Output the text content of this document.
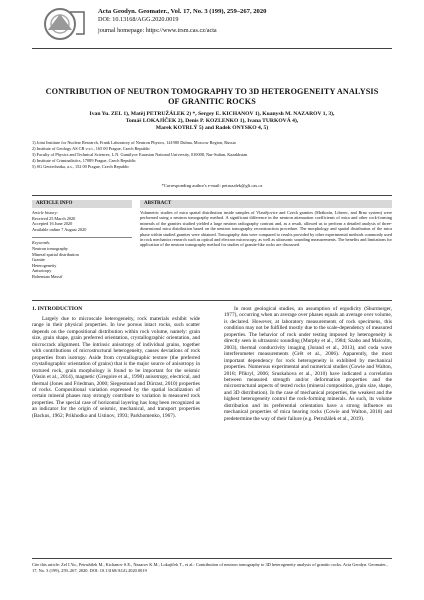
Acta Geodyn. Geomater., Vol. 17, No. 3 (199), 259–267, 2020
DOI: 10.13168/AGG.2020.0019
journal homepage: https://www.irsm.cas.cz/acta
CONTRIBUTION OF NEUTRON TOMOGRAPHY TO 3D HETEROGENEITY ANALYSIS
OF GRANITIC ROCKS
Ivan Yu. ZEL 1), Matěj PETRUŽÁLEK 2) *, Sergey E. KICHANOV 1), Kuanysh M. NAZAROV 1, 3),
Tomáš LOKAJÍČEK 2), Denis P. KOZLENKO 1), Ivana TURKOVÁ 4),
Marek KOTRLÝ 5) and Radek ONYSKO 4, 5)
1) Joint Institute for Nuclear Research, Frank Laboratory of Neutron Physics, 141980 Dubna, Moscow Region, Russia
2) Institute of Geology AS CR v.v.i., 165 00 Prague, Czech Republic
3) Faculty of Physics and Technical Sciences, L.N. Gumilyov Eurasian National University, 010008, Nur-Sultan, Kazakhstan
4) Institute of Criminalistics, 17089 Prague, Czech Republic
5) SG Geotechnika, a.s., 152 00 Prague, Czech Republic
*Corresponding author's e-mail: petruzalek@gli.cas.cz
ARTICLE INFO	ABSTRACT
Article history:
Received 25 March 2020
Accepted 16 June 2020
Available online 7 August 2020
Keywords:
Neutron tomography
Mineral spatial distribution
Granite
Heterogeneity
Anisotropy
Bohemian Massif
Volumetric studies of mica spatial distribution inside samples of Vlastějovice and Czech granites (Mrákotín, Liberec, and Brno system) were performed using a neutron tomography method. A significant difference in the neutron attenuation coefficients of mica and other rock-forming minerals of the granites studied yielded a large neutron radiography contrast and, as a result, allowed us to perform a detailed analysis of three-dimensional mica distribution based on the neutron tomography reconstruction procedure. The morphology and spatial distribution of the mica phase within studied granites were obtained. Tomography data were compared to results provided by other experimental methods commonly used in rock mechanics research such as optical and electron microscopy, as well as ultrasonic sounding measurements. The benefits and limitations for application of the neutron tomography method for studies of granite-like rocks are discussed.
1. INTRODUCTION

Largely due to microscale heterogeneity, rock materials exhibit wide range in their physical properties. In low porous intact rocks, such scatter depends on the compositional distribution within rock volume, namely: grain size, grain shape, grain preferred orientation, crystallographic orientation, and microcrack alignment. The intrinsic anisotropy of individual grains, together with contributions of microstructural heterogeneity, causes deviations of rock properties from isotropy. Aside from crystallographic texture (the preferred crystallographic orientation of grains) that is the major source of anisotropy in textured rock, grain morphology is found to be important for the seismic (Vasin et al., 2014), magnetic (Gregoire et al., 1998) anisotropy, electrical, and thermal (Jones and Friedman, 2000; Siegesmund and Dürrast, 2010) properties of rocks. Compositional variation expressed by the spatial localization of certain mineral phases may strongly contribute to variation in measured rock properties. The special case of horizontal layering has long been recognized as an indicator for the origin of seismic, mechanical, and transport properties (Backus, 1962; Prikhodko and Ustinov, 1993; Parkhomenko, 1967).

In most geological studies, an assumption of ergodicity (Shurmerger, 1977), occurring when an average over phases equals an average over volume, is declared. However, at laboratory measurements of rock specimens, this condition may not be fulfilled mostly due to the scale-dependency of measured properties. The behavior of rock under testing imposed by heterogeneity is directly seen in ultrasonic sounding (Murphy et al., 1984; Szabo and Malcolm, 2003), thermal conductivity imaging (Jorand et al., 2013), and coda wave interferometer measurements (Grêt et al., 2006). Apparently, the most important dependency for rock heterogeneity is exhibited by mechanical properties. Numerous experimental and numerical studies (Cowie and Walton, 2018; Přikryl, 2006; Sruskahova et al., 2010) have indicated a correlation between measured strength and/or deformation properties and the microstructural aspects of tested rocks (mineral composition, grain size, shape, and 3D distribution). In the case of mechanical properties, the weakest and the highest heterogeneity control the rock-forming minerals. As such, its volume distribution and its preferential orientation have a strong influence on mechanical properties of mica bearing rocks (Cowie and Walton, 2018) and predetermine the way of their failure (e.g. Petružálek et al., 2019).

Cite this article: Zel I.Yu., Petružálek M., Kichanov S.E., Nazarov K.M., Lokajíček T., et al.: Contribution of neutron tomography to 3D heterogeneity analysis of granitic rocks. Acta Geodyn. Geomater., 17, No. 3 (199), 259–267, 2020. DOI: 10.13168/AGG.2020.0019
